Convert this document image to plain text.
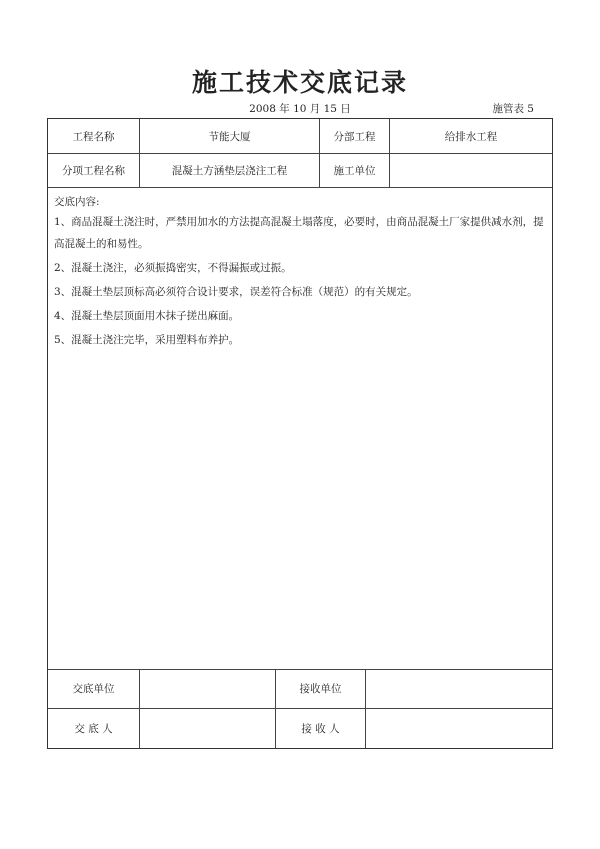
施工技术交底记录
2008 年 10 月 15 日	施管表 5
工程名称	节能大厦	分部工程	给排水工程
分项工程名称	混凝土方涵垫层浇注工程	施工单位
交底内容:
1、商品混凝土浇注时，严禁用加水的方法提高混凝土塌落度，必要时，由商品混凝土厂家提供减水剂，提高混凝土的和易性。
2、混凝土浇注，必须振捣密实，不得漏振或过振。
3、混凝土垫层顶标高必须符合设计要求，误差符合标准（规范）的有关规定。
4、混凝土垫层顶面用木抹子搓出麻面。
5、混凝土浇注完毕，采用塑料布养护。
交底单位	接收单位
交 底 人	接 收 人
